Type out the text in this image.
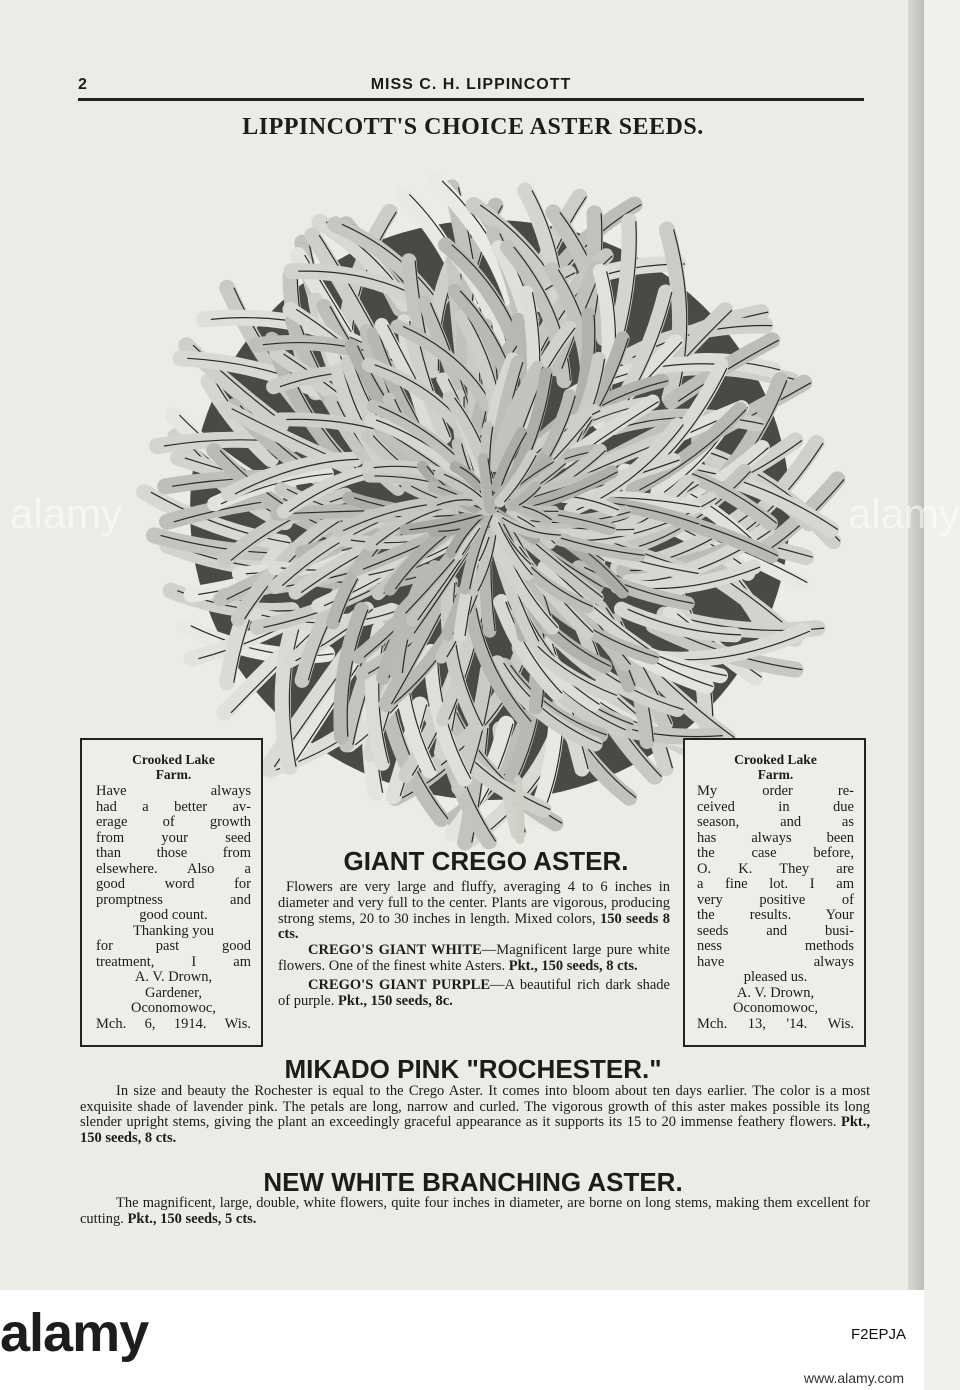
2	MISS C. H. LIPPINCOTT
LIPPINCOTT'S CHOICE ASTER SEEDS.
Crooked Lake
Farm.
Have always
had a better av-
erage of growth
from your seed
than those from
elsewhere. Also a
good word for
promptness and
good count.
Thanking you
for past good
treatment, I am
A. V. Drown,
Gardener,
Oconomowoc,
Mch. 6, 1914. Wis.
Crooked Lake
Farm.
My order re-
ceived in due
season, and as
has always been
the case before,
O. K. They are
a fine lot. I am
very positive of
the results. Your
seeds and busi-
ness methods
have always
pleased us.
A. V. Drown,
Oconomowoc,
Mch. 13, '14. Wis.
GIANT CREGO ASTER.

Flowers are very large and fluffy, averaging 4 to 6 inches in diameter and very full to the center. Plants are vigorous, producing strong stems, 20 to 30 inches in length. Mixed colors, 150 seeds 8 cts.

CREGO'S GIANT WHITE—Magnificent large pure white flowers. One of the finest white Asters. Pkt., 150 seeds, 8 cts.

CREGO'S GIANT PURPLE—A beautiful rich dark shade of purple. Pkt., 150 seeds, 8c.

MIKADO PINK "ROCHESTER."
In size and beauty the Rochester is equal to the Crego Aster. It comes into bloom about ten days earlier. The color is a most exquisite shade of lavender pink. The petals are long, narrow and curled. The vigorous growth of this aster makes possible its long slender upright stems, giving the plant an exceedingly graceful appearance as it supports its 15 to 20 immense feathery flowers. Pkt., 150 seeds, 8 cts.
NEW WHITE BRANCHING ASTER.
The magnificent, large, double, white flowers, quite four inches in diameter, are borne on long stems, making them excellent for cutting. Pkt., 150 seeds, 5 cts.
alamy	alamy
alamy	F2EPJA
www.alamy.com
